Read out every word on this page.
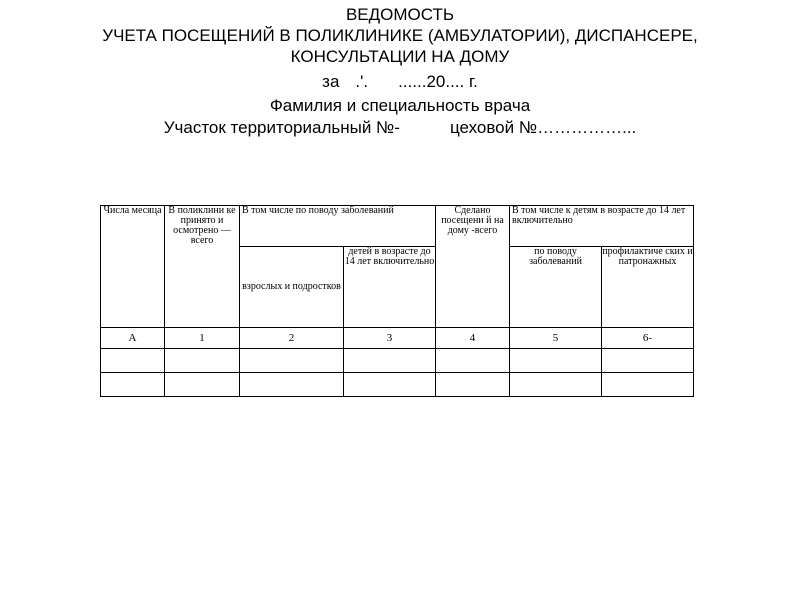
ВЕДОМОСТЬ
УЧЕТА ПОСЕЩЕНИЙ В ПОЛИКЛИНИКЕ (АМБУЛАТОРИИ), ДИСПАНСЕРЕ,
КОНСУЛЬТАЦИИ НА ДОМУ
за .'. ......20.... г.
Фамилия и специальность врача
Участок территориальный №-	цеховой №……………...
Числа месяца	В поликлини ке принято и осмотрено — всего	В том числе по поводу заболеваний		Сделано посещени й на дому -всего	В том числе к детям в возрасте до 14 лет включительно	
		взрослых и подростков	детей в возрасте до 14 лет включительно		по поводу заболеваний	профилактиче ских и патронажных
А	1	2	3	4	5	6-
